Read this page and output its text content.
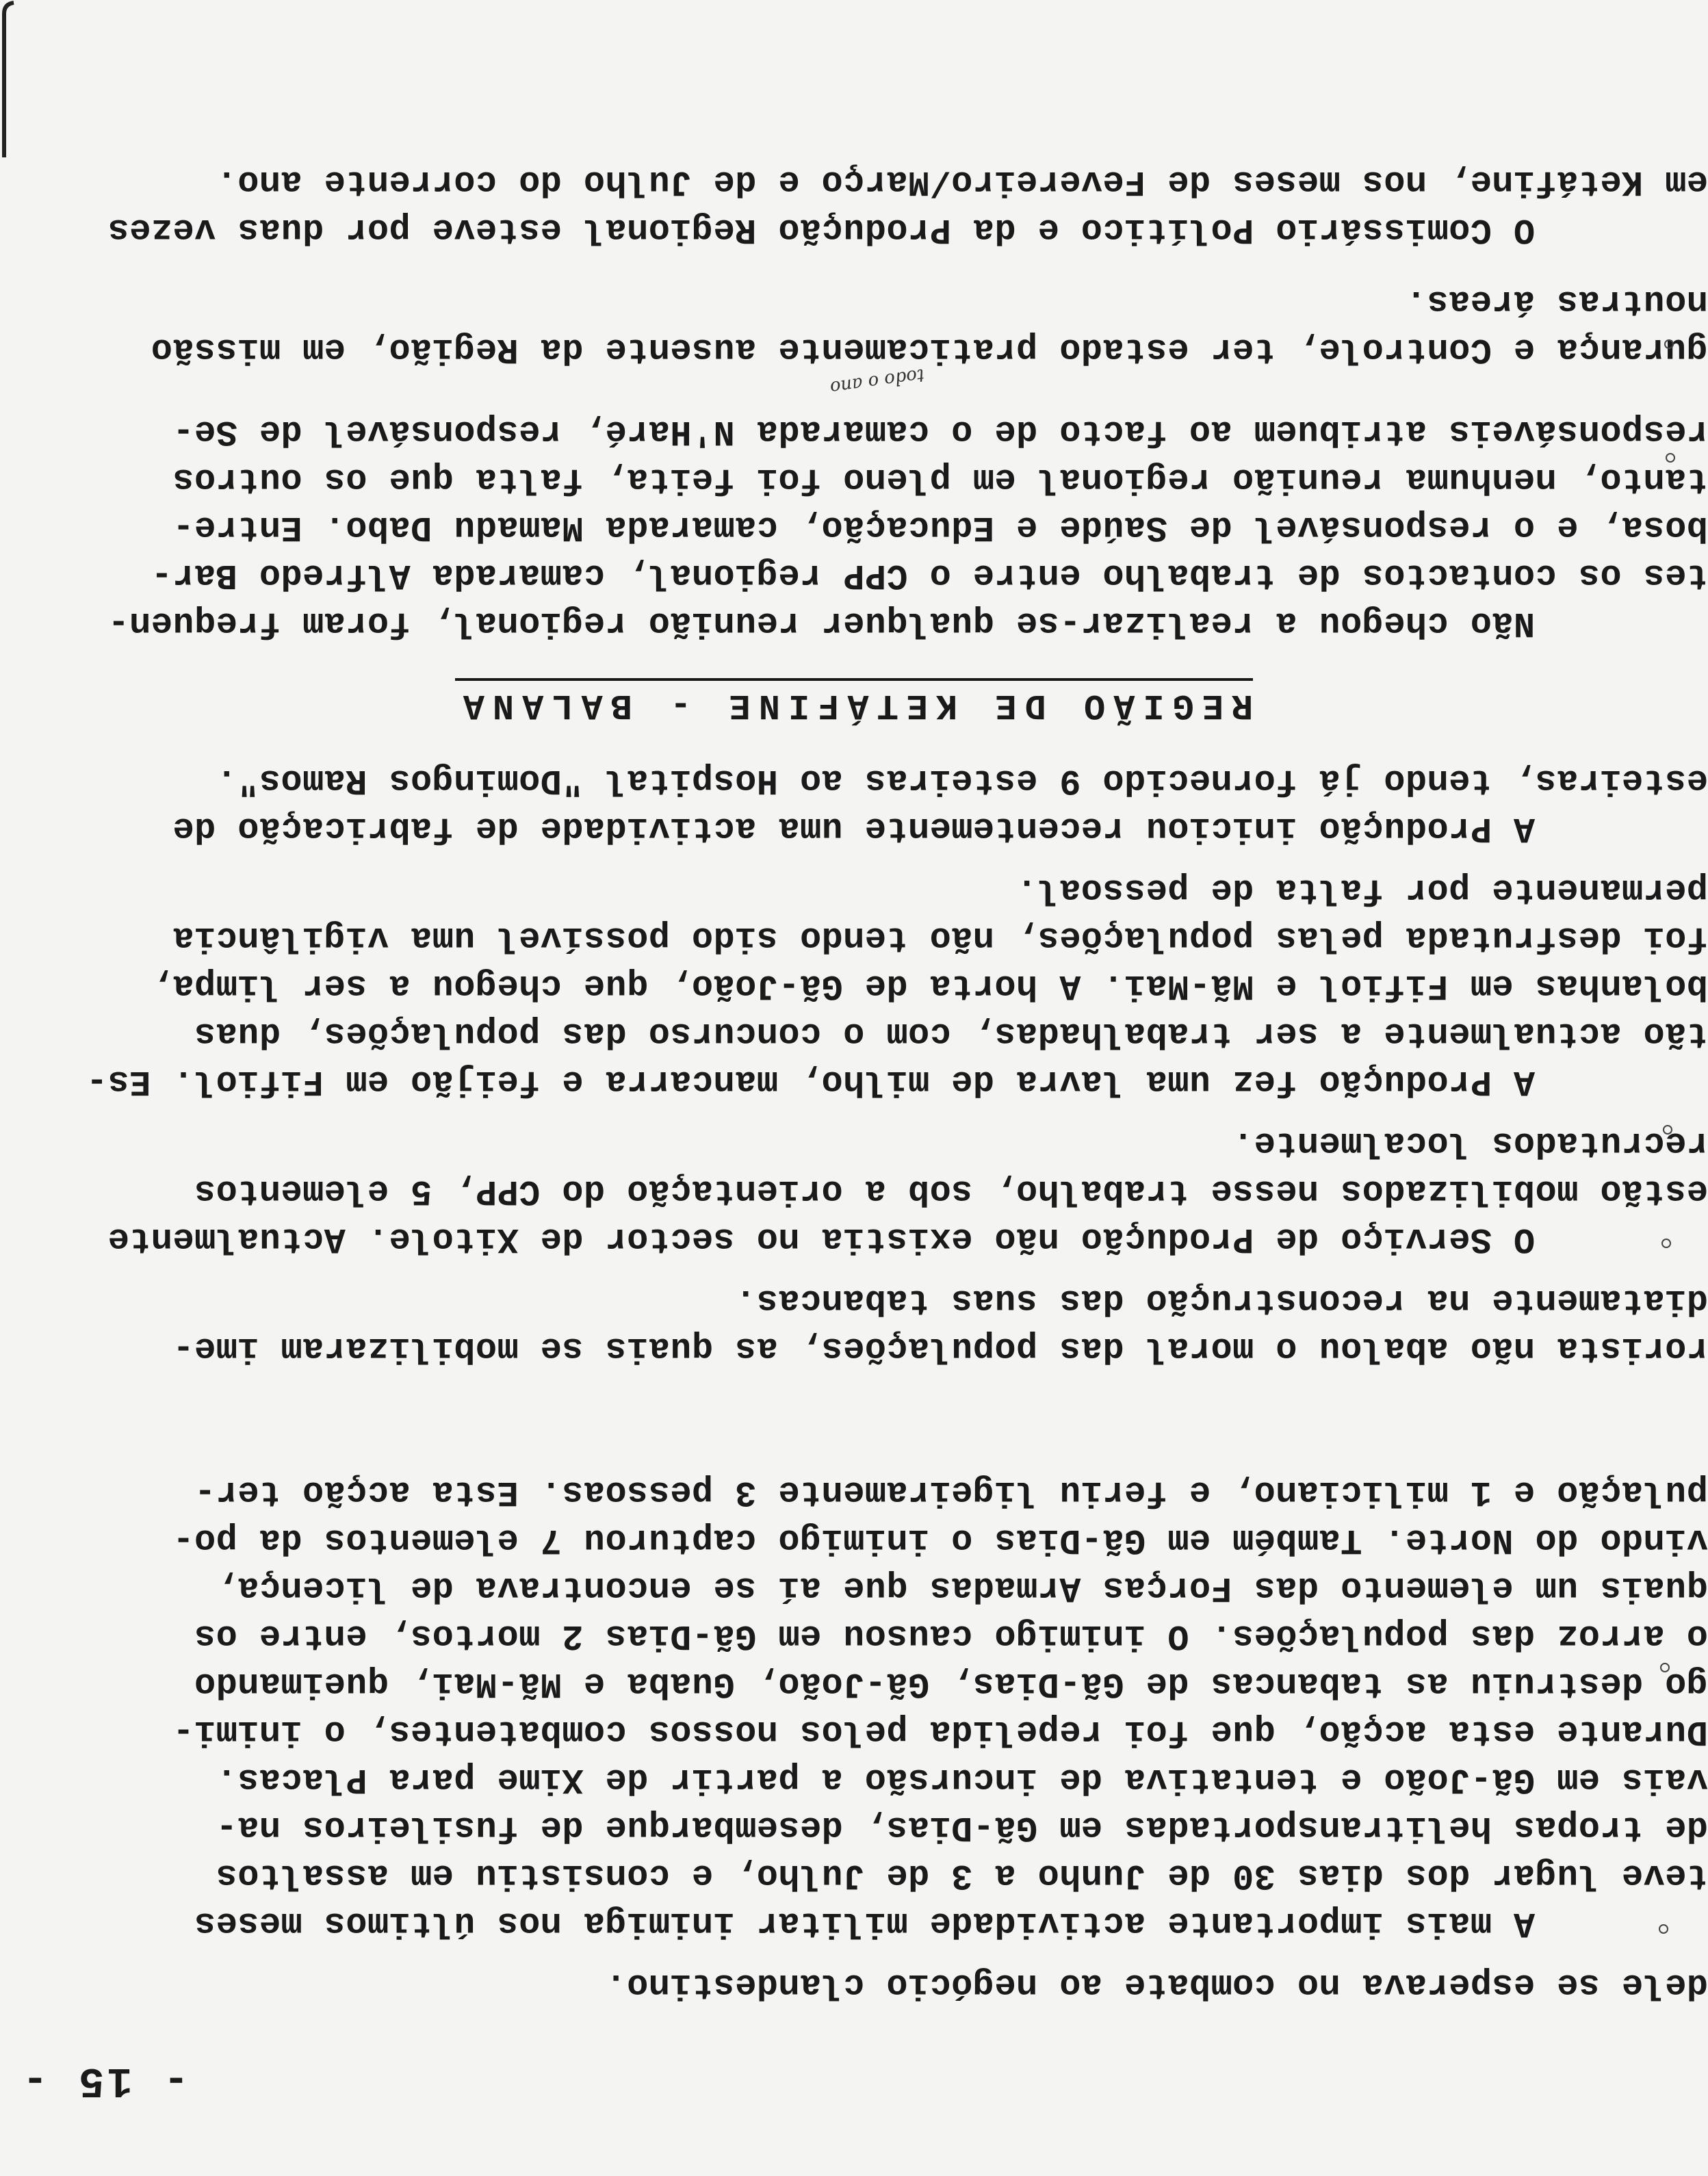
- 15 -
dele se esperava no combate ao negócio clandestino.
A mais importante actividade militar inimiga nos últimos meses
teve lugar dos dias 30 de Junho a 3 de Julho, e consistiu em assaltos
de tropas helitransportadas em Gã-Dias, desembarque de fusileiros na-
vais em Gã-João e tentativa de incursão a partir de Xime para Placas.
Durante esta acção, que foi repelida pelos nossos combatentes, o inimi-
go destruiu as tabancas de Gã-Dias, Gã-João, Guaba e Mã-Mai, queimando
o arroz das populações. O inimigo causou em Gã-Dias 2 mortos, entre os
quais um elemento das Forças Armadas que aí se encontrava de licença,
vindo do Norte. Também em Gã-Dias o inimigo capturou 7 elementos da po-
pulação e 1 miliciano, e feriu ligeiramente 3 pessoas. Esta acção ter-
REGIÃO DE KETÁFINE - BALANA
rorista não abalou o moral das populações, as quais se mobilizaram ime-
diatamente na reconstrução das suas tabancas.
O Serviço de Produção não existia no sector de Xitole. Actualmente
estão mobilizados nesse trabalho, sob a orientação do CPP, 5 elementos
recrutados localmente.
A Produção fez uma lavra de milho, mancarra e feijão em Fifiol. Es-
tão actualmente a ser trabalhadas, com o concurso das populações, duas
bolanhas em Fifiol e Mã-Mai. A horta de Gã-João, que chegou a ser limpa,
foi desfrutada pelas populações, não tendo sido possível uma vigilância
permanente por falta de pessoal.
A Produção iniciou recentemente uma actividade de fabricação de
esteiras, tendo já fornecido 9 esteiras ao Hospital "Domingos Ramos".
Não chegou a realizar-se qualquer reunião regional, foram frequen-
tes os contactos de trabalho entre o CPP regional, camarada Alfredo Bar-
bosa, e o responsável de Saúde e Educação, camarada Mamadu Dabo. Entre-
tanto, nenhuma reunião regional em pleno foi feita, falta que os outros
responsáveis atribuem ao facto de o camarada N'Haré, responsável de Se-
gurança e Controle, ter estado praticamente ausente da Região, em missão
noutras áreas.
O Comissário Político e da Produção Regional esteve por duas vezes
em Ketáfine, nos meses de Fevereiro/Março e de Julho do corrente ano.
todo o ano
